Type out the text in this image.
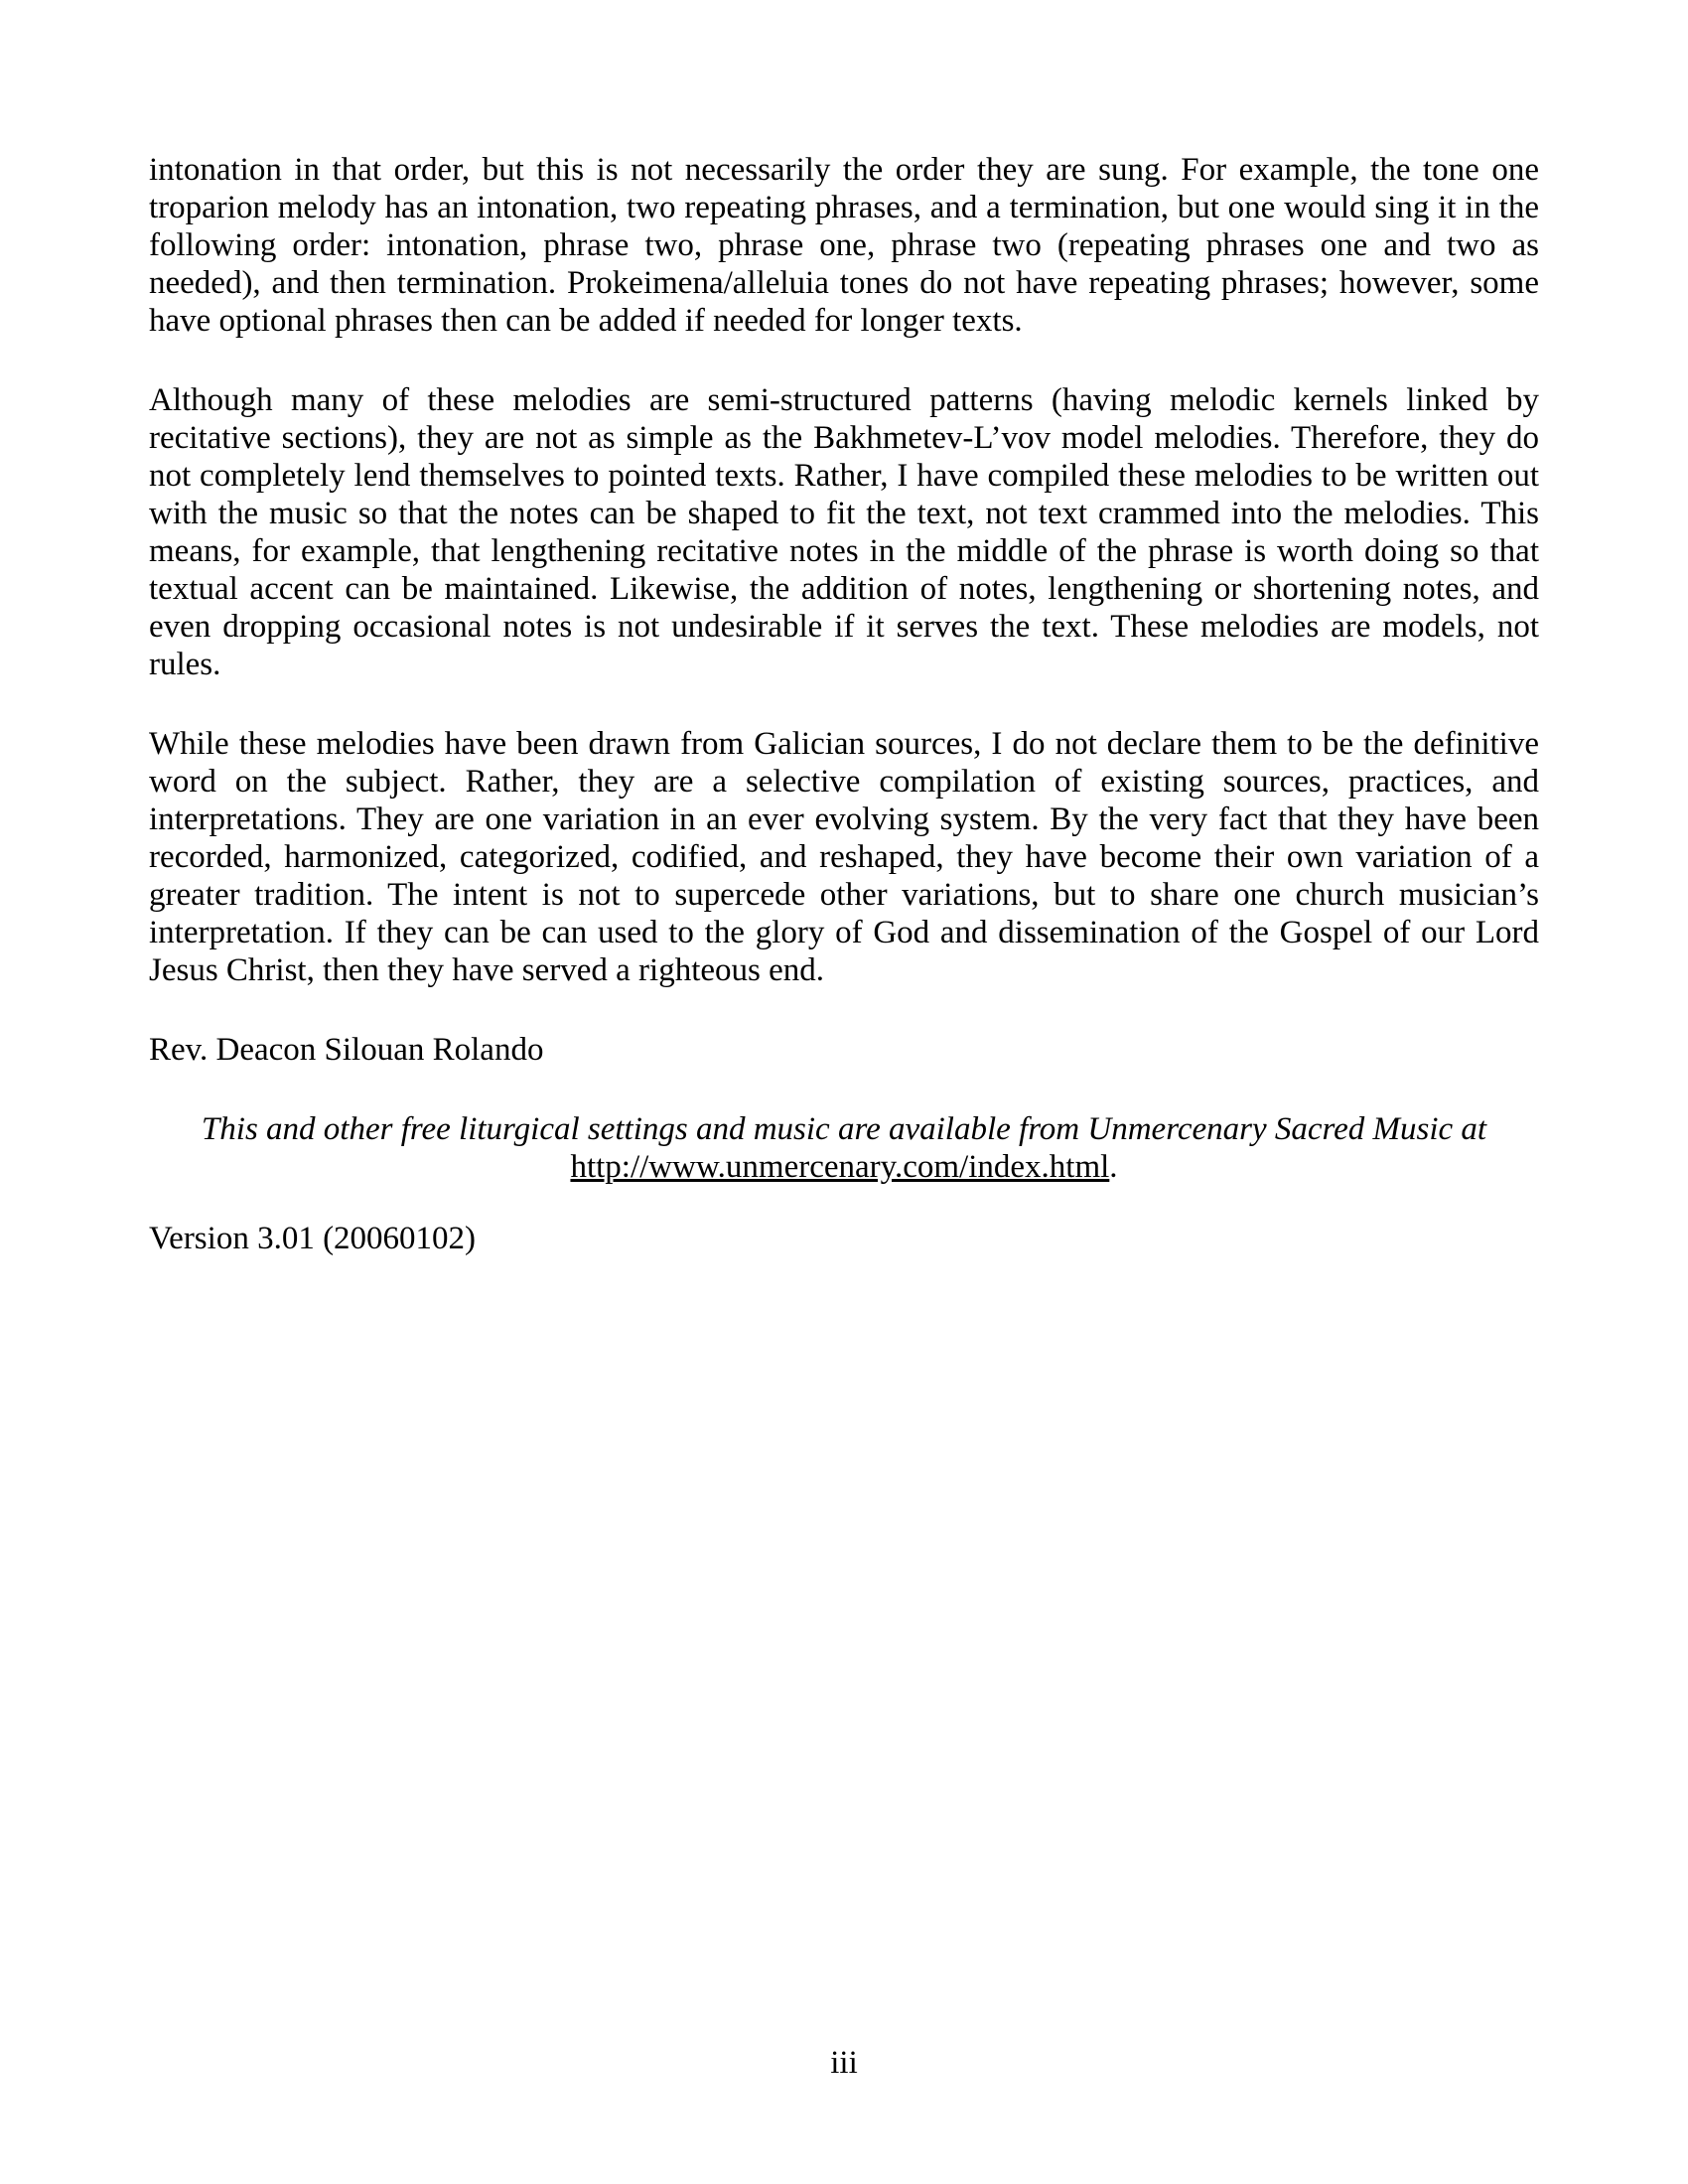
intonation in that order, but this is not necessarily the order they are sung. For example, the tone one troparion melody has an intonation, two repeating phrases, and a termination, but one would sing it in the following order: intonation, phrase two, phrase one, phrase two (repeating phrases one and two as needed), and then termination. Prokeimena/alleluia tones do not have repeating phrases; however, some have optional phrases then can be added if needed for longer texts.

Although many of these melodies are semi-structured patterns (having melodic kernels linked by recitative sections), they are not as simple as the Bakhmetev-L’vov model melodies. Therefore, they do not completely lend themselves to pointed texts. Rather, I have compiled these melodies to be written out with the music so that the notes can be shaped to fit the text, not text crammed into the melodies. This means, for example, that lengthening recitative notes in the middle of the phrase is worth doing so that textual accent can be maintained. Likewise, the addition of notes, lengthening or shortening notes, and even dropping occasional notes is not undesirable if it serves the text. These melodies are models, not rules.

While these melodies have been drawn from Galician sources, I do not declare them to be the definitive word on the subject. Rather, they are a selective compilation of existing sources, practices, and interpretations. They are one variation in an ever evolving system. By the very fact that they have been recorded, harmonized, categorized, codified, and reshaped, they have become their own variation of a greater tradition. The intent is not to supercede other variations, but to share one church musician’s interpretation. If they can be can used to the glory of God and dissemination of the Gospel of our Lord Jesus Christ, then they have served a righteous end.

Rev. Deacon Silouan Rolando

This and other free liturgical settings and music are available from Unmercenary Sacred Music at
http://www.unmercenary.com/index.html.

Version 3.01 (20060102)

iii
